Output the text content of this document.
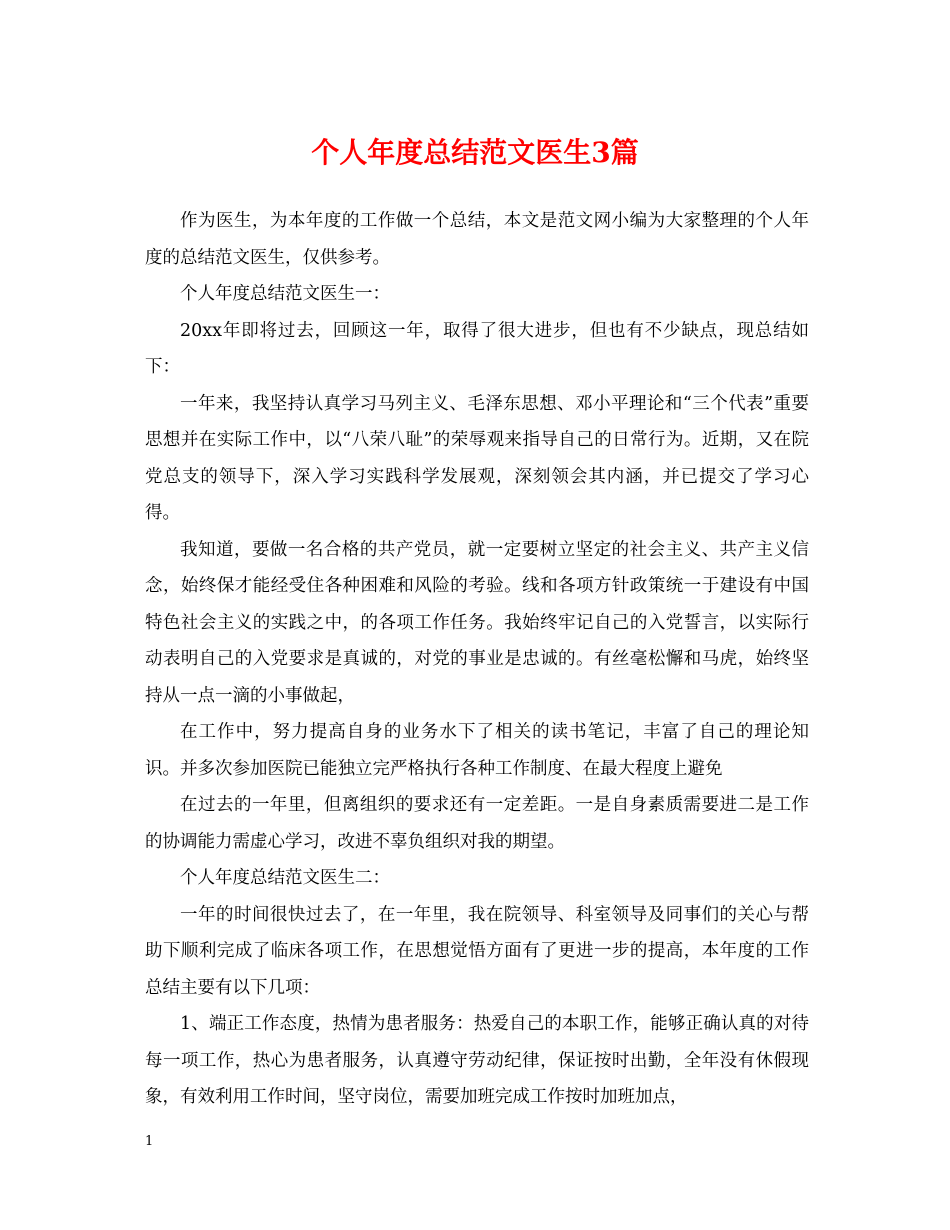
个人年度总结范文医生3篇

作为医生，为本年度的工作做一个总结，本文是范文网小编为大家整理的个人年度的总结范文医生，仅供参考。

个人年度总结范文医生一：

20xx年即将过去，回顾这一年，取得了很大进步，但也有不少缺点，现总结如下：

一年来，我坚持认真学习马列主义、毛泽东思想、邓小平理论和“三个代表”重要思想并在实际工作中，以“八荣八耻”的荣辱观来指导自己的日常行为。近期，又在院党总支的领导下，深入学习实践科学发展观，深刻领会其内涵，并已提交了学习心得。

我知道，要做一名合格的共产党员，就一定要树立坚定的社会主义、共产主义信念，始终保才能经受住各种困难和风险的考验。线和各项方针政策统一于建设有中国特色社会主义的实践之中，的各项工作任务。我始终牢记自己的入党誓言，以实际行动表明自己的入党要求是真诚的，对党的事业是忠诚的。有丝毫松懈和马虎，始终坚持从一点一滴的小事做起，

在工作中，努力提高自身的业务水下了相关的读书笔记，丰富了自己的理论知识。并多次参加医院已能独立完严格执行各种工作制度、在最大程度上避免

在过去的一年里，但离组织的要求还有一定差距。一是自身素质需要进二是工作的协调能力需虚心学习，改进不辜负组织对我的期望。

个人年度总结范文医生二：

一年的时间很快过去了，在一年里，我在院领导、科室领导及同事们的关心与帮助下顺利完成了临床各项工作，在思想觉悟方面有了更进一步的提高，本年度的工作总结主要有以下几项：

1、端正工作态度，热情为患者服务：热爱自己的本职工作，能够正确认真的对待每一项工作，热心为患者服务，认真遵守劳动纪律，保证按时出勤，全年没有休假现象，有效利用工作时间，坚守岗位，需要加班完成工作按时加班加点，

1
